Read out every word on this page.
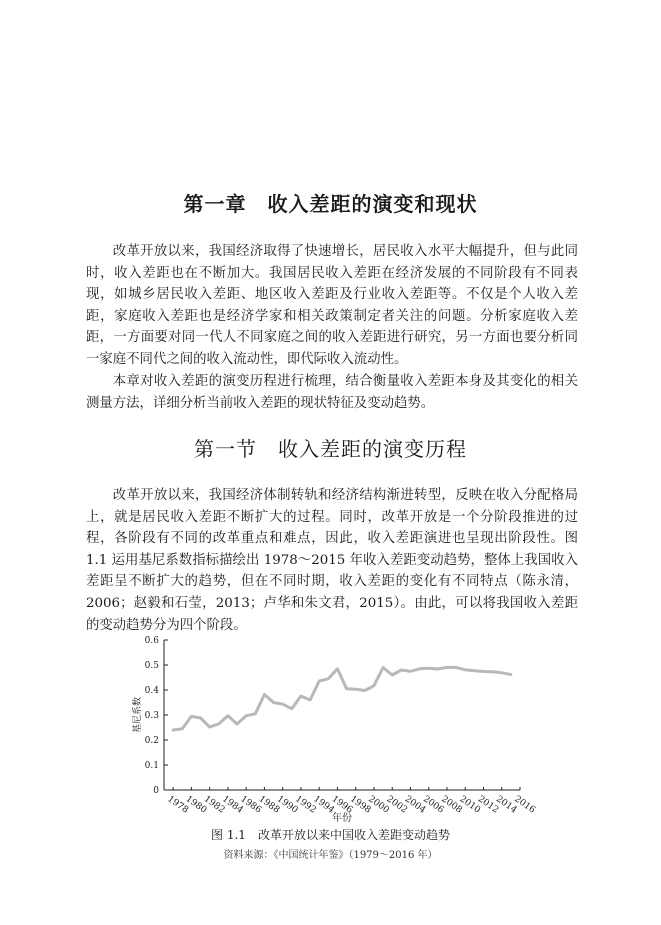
第一章　收入差距的演变和现状

改革开放以来，我国经济取得了快速增长，居民收入水平大幅提升，但与此同时，收入差距也在不断加大。我国居民收入差距在经济发展的不同阶段有不同表现，如城乡居民收入差距、地区收入差距及行业收入差距等。不仅是个人收入差距，家庭收入差距也是经济学家和相关政策制定者关注的问题。分析家庭收入差距，一方面要对同一代人不同家庭之间的收入差距进行研究，另一方面也要分析同一家庭不同代之间的收入流动性，即代际收入流动性。

本章对收入差距的演变历程进行梳理，结合衡量收入差距本身及其变化的相关测量方法，详细分析当前收入差距的现状特征及变动趋势。

第一节　收入差距的演变历程

改革开放以来，我国经济体制转轨和经济结构渐进转型，反映在收入分配格局上，就是居民收入差距不断扩大的过程。同时，改革开放是一个分阶段推进的过程，各阶段有不同的改革重点和难点，因此，收入差距演进也呈现出阶段性。图 1.1 运用基尼系数指标描绘出 1978～2015 年收入差距变动趋势，整体上我国收入差距呈不断扩大的趋势，但在不同时期，收入差距的变化有不同特点（陈永清，2006；赵毅和石莹，2013；卢华和朱文君，2015）。由此，可以将我国收入差距的变动趋势分为四个阶段。

0
0.1
0.2
0.3
0.4
0.5
0.6
1978
1980
1982
1984
1986
1988
1990
1992
1994
1996
1998
2000
2002
2004
2006
2008
2010
2012
2014
2016
基尼系数
年份
图 1.1　改革开放以来中国收入差距变动趋势
资料来源：《中国统计年鉴》（1979～2016 年）
